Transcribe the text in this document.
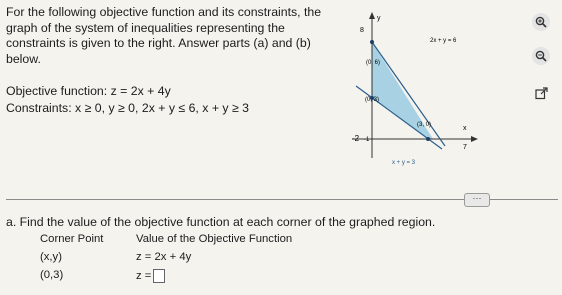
For the following objective function and its constraints, the

graph of the system of inequalities representing the

constraints is given to the right. Answer parts (a) and (b)

below.

Objective function: z = 2x + 4y
Constraints: x ≥ 0, y ≥ 0, 2x + y ≤ 6, x + y ≥ 3
y
8
x
7
-2 -1
2x + y = 6
x + y = 3
(0, 6)
(0, 3)
(3, 0)
···
a. Find the value of the objective function at each corner of the graphed region.
Corner Point	Value of the Objective Function
(x,y)	z = 2x + 4y
(0,3)	z =
